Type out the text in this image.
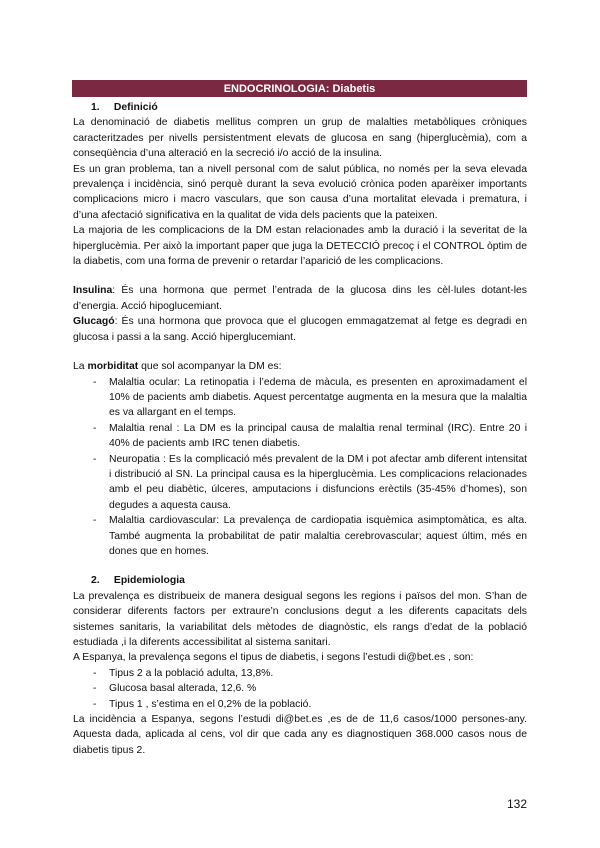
ENDOCRINOLOGIA: Diabetis
1. Definició

La denominació de diabetis mellitus compren un grup de malalties metabòliques cròniques caracteritzades per nivells persistentment elevats de glucosa en sang (hiperglucèmia), com a conseqüència d’una alteració en la secreció i/o acció de la insulina.

Es un gran problema, tan a nivell personal com de salut pública, no només per la seva elevada prevalença i incidència, sinó perquè durant la seva evolució crònica poden aparèixer importants complicacions micro i macro vasculars, que son causa d’una mortalitat elevada i prematura, i d’una afectació significativa en la qualitat de vida dels pacients que la pateixen.

La majoria de les complicacions de la DM estan relacionades amb la duració i la severitat de la hiperglucèmia. Per això la important paper que juga la DETECCIÓ precoç i el CONTROL òptim de la diabetis, com una forma de prevenir o retardar l’aparició de les complicacions.

Insulina: És una hormona que permet l’entrada de la glucosa dins les cèl·lules dotant-les d’energia. Acció hipoglucemiant.

Glucagó: És una hormona que provoca que el glucogen emmagatzemat al fetge es degradi en glucosa i passi a la sang. Acció hiperglucemiant.

La morbiditat que sol acompanyar la DM es:

- Malaltia ocular: La retinopatia i l’edema de màcula, es presenten en aproximadament el 10% de pacients amb diabetis. Aquest percentatge augmenta en la mesura que la malaltia es va allargant en el temps.
- Malaltia renal : La DM es la principal causa de malaltia renal terminal (IRC). Entre 20 i 40% de pacients amb IRC tenen diabetis.
- Neuropatia : Es la complicació més prevalent de la DM i pot afectar amb diferent intensitat i distribució al SN. La principal causa es la hiperglucèmia. Les complicacions relacionades amb el peu diabètic, úlceres, amputacions i disfuncions erèctils (35-45% d’homes), son degudes a aquesta causa.
- Malaltia cardiovascular: La prevalença de cardiopatia isquèmica asimptomàtica, es alta. També augmenta la probabilitat de patir malaltia cerebrovascular; aquest últim, més en dones que en homes.
2. Epidemiologia

La prevalença es distribueix de manera desigual segons les regions i països del mon. S’han de considerar diferents factors per extraure’n conclusions degut a les diferents capacitats dels sistemes sanitaris, la variabilitat dels mètodes de diagnòstic, els rangs d’edat de la població estudiada ,i la diferents accessibilitat al sistema sanitari.

A Espanya, la prevalença segons el tipus de diabetis, i segons l’estudi di@bet.es , son:

- Tipus 2 a la població adulta, 13,8%.
- Glucosa basal alterada, 12,6. %
- Tipus 1 , s’estima en el 0,2% de la població.

La incidència a Espanya, segons l’estudi di@bet.es ,es de de 11,6 casos/1000 persones-any. Aquesta dada, aplicada al cens, vol dir que cada any es diagnostiquen 368.000 casos nous de diabetis tipus 2.

132
